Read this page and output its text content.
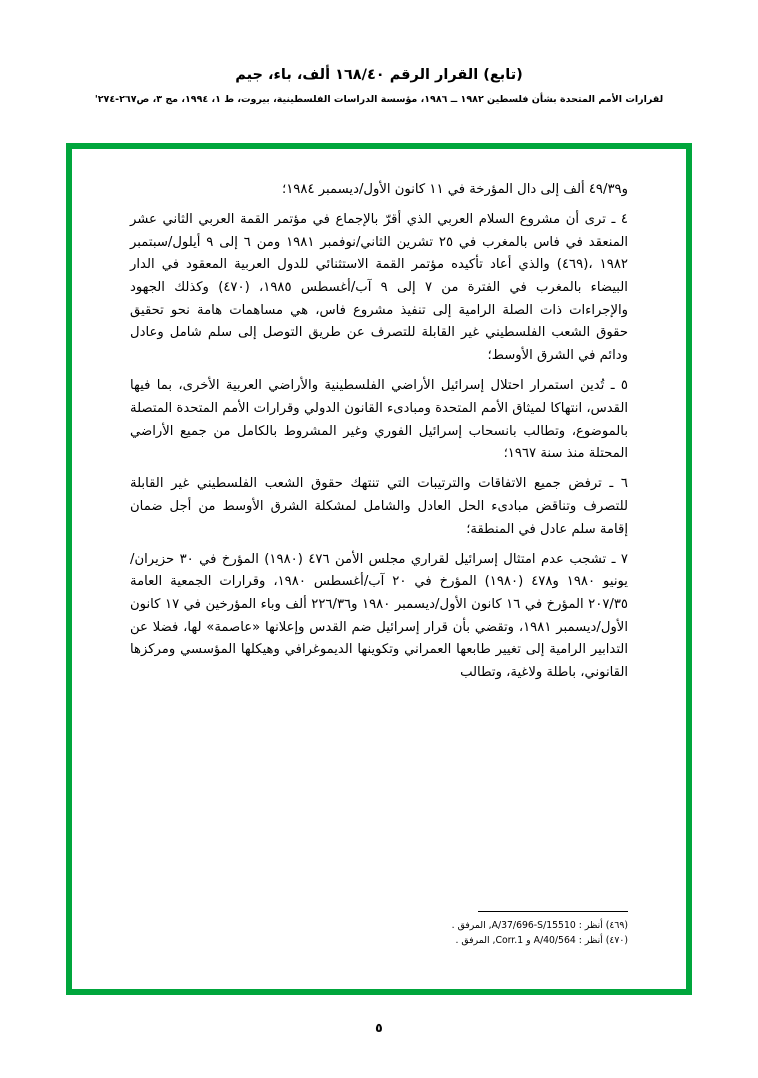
(تابع) القرار الرقم ١٦٨/٤٠ ألف، باء، جيم
لقرارات الأمم المتحدة بشأن فلسطين ١٩٨٢ ــ ١٩٨٦، مؤسسة الدراسات الفلسطينية، بيروت، ط ١، ١٩٩٤، مج ٣، ص٢٦٧-٢٧٤'

و٤٩/٣٩ ألف إلى دال المؤرخة في ١١ كانون الأول/ديسمبر ١٩٨٤؛

٤ ـ ترى أن مشروع السلام العربي الذي أقرّ بالإجماع في مؤتمر القمة العربي الثاني عشر المنعقد في فاس بالمغرب في ٢٥ تشرين الثاني/نوفمبر ١٩٨١ ومن ٦ إلى ٩ أيلول/سبتمبر ١٩٨٢ ،(٤٦٩) والذي أعاد تأكيده مؤتمر القمة الاستثنائي للدول العربية المعقود في الدار البيضاء بالمغرب في الفترة من ٧ إلى ٩ آب/أغسطس ١٩٨٥، (٤٧٠) وكذلك الجهود والإجراءات ذات الصلة الرامية إلى تنفيذ مشروع فاس، هي مساهمات هامة نحو تحقيق حقوق الشعب الفلسطيني غير القابلة للتصرف عن طريق التوصل إلى سلم شامل وعادل ودائم في الشرق الأوسط؛

٥ ـ تُدين استمرار احتلال إسرائيل الأراضي الفلسطينية والأراضي العربية الأخرى، بما فيها القدس، انتهاكا لميثاق الأمم المتحدة ومبادىء القانون الدولي وقرارات الأمم المتحدة المتصلة بالموضوع، وتطالب بانسحاب إسرائيل الفوري وغير المشروط بالكامل من جميع الأراضي المحتلة منذ سنة ١٩٦٧؛

٦ ـ ترفض جميع الاتفاقات والترتيبات التي تنتهك حقوق الشعب الفلسطيني غير القابلة للتصرف وتناقض مبادىء الحل العادل والشامل لمشكلة الشرق الأوسط من أجل ضمان إقامة سلم عادل في المنطقة؛

٧ ـ تشجب عدم امتثال إسرائيل لقراري مجلس الأمن ٤٧٦ (١٩٨٠) المؤرخ في ٣٠ حزيران/يونيو ١٩٨٠ و٤٧٨ (١٩٨٠) المؤرخ في ٢٠ آب/أغسطس ١٩٨٠، وقرارات الجمعية العامة ٢٠٧/٣٥ المؤرخ في ١٦ كانون الأول/ديسمبر ١٩٨٠ و٢٢٦/٣٦ ألف وباء المؤرخين في ١٧ كانون الأول/ديسمبر ١٩٨١، وتقضي بأن قرار إسرائيل ضم القدس وإعلانها «عاصمة» لها، فضلا عن التدابير الرامية إلى تغيير طابعها العمراني وتكوينها الديموغرافي وهيكلها المؤسسي ومركزها القانوني، باطلة ولاغية، وتطالب

(٤٦٩) أنظر : A/37/696-S/15510, المرفق .
(٤٧٠) أنظر : A/40/564 و Corr.1, المرفق .
٥
